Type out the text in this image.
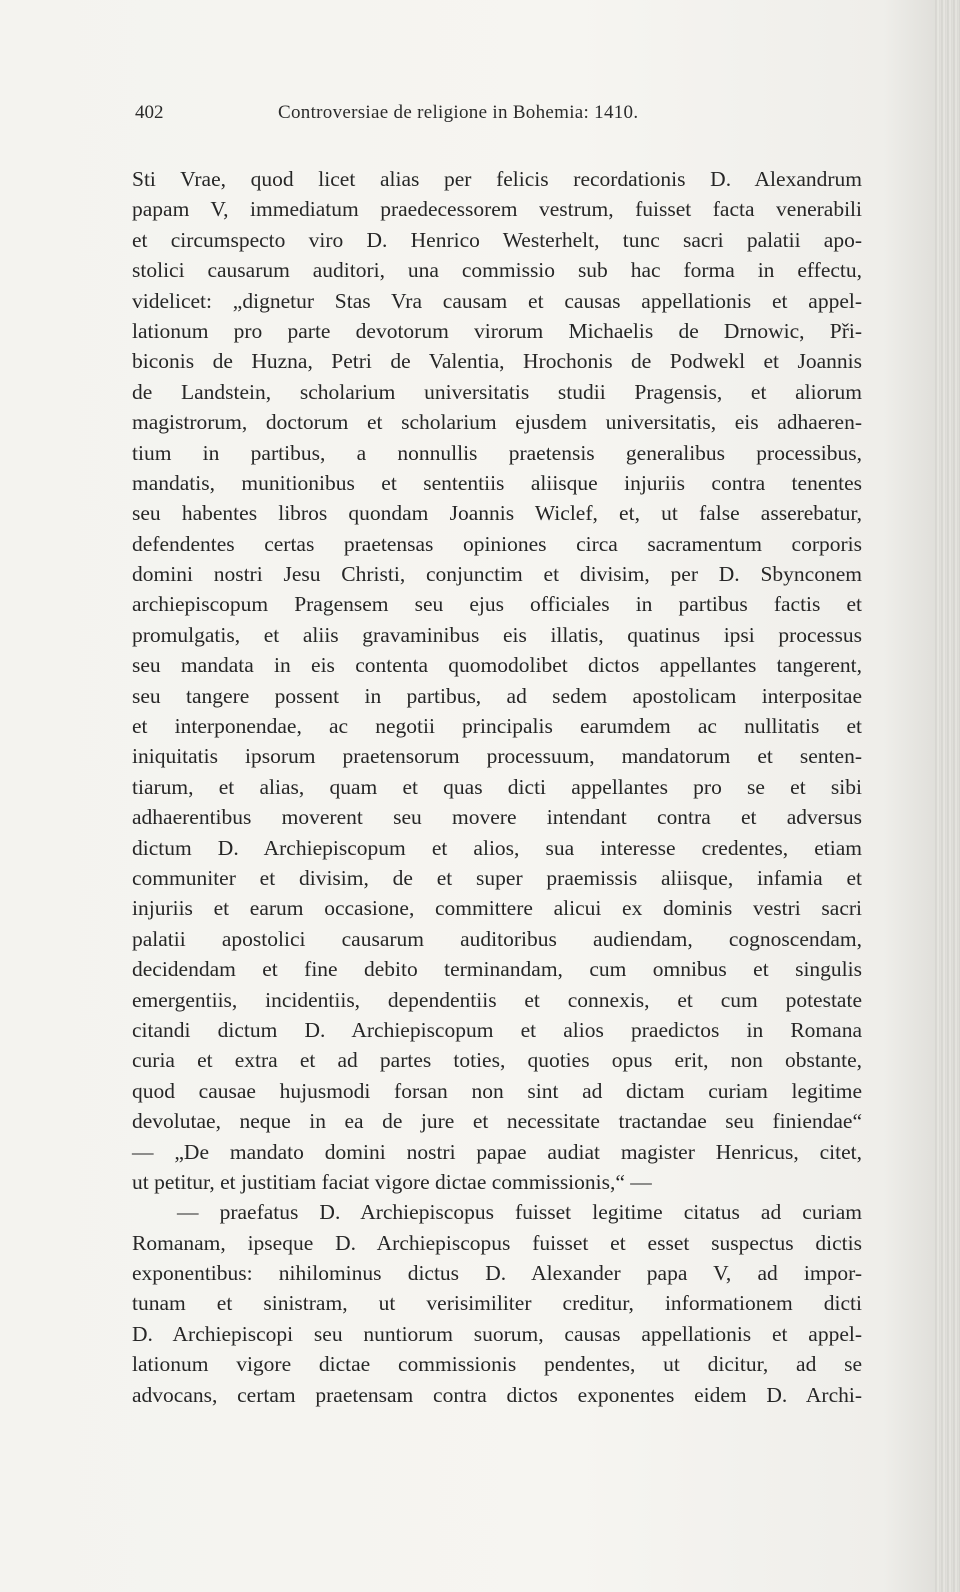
402	Controversiae de religione in Bohemia: 1410.
Sti Vrae, quod licet alias per felicis recordationis D. Alexandrum
papam V, immediatum praedecessorem vestrum, fuisset facta venerabili
et circumspecto viro D. Henrico Westerhelt, tunc sacri palatii apo-
stolici causarum auditori, una commissio sub hac forma in effectu,
videlicet: „dignetur Stas Vra causam et causas appellationis et appel-
lationum pro parte devotorum virorum Michaelis de Drnowic, Při-
biconis de Huzna, Petri de Valentia, Hrochonis de Podwekl et Joannis
de Landstein, scholarium universitatis studii Pragensis, et aliorum
magistrorum, doctorum et scholarium ejusdem universitatis, eis adhaeren-
tium in partibus, a nonnullis praetensis generalibus processibus,
mandatis, munitionibus et sententiis aliisque injuriis contra tenentes
seu habentes libros quondam Joannis Wiclef, et, ut false asserebatur,
defendentes certas praetensas opiniones circa sacramentum corporis
domini nostri Jesu Christi, conjunctim et divisim, per D. Sbynconem
archiepiscopum Pragensem seu ejus officiales in partibus factis et
promulgatis, et aliis gravaminibus eis illatis, quatinus ipsi processus
seu mandata in eis contenta quomodolibet dictos appellantes tangerent,
seu tangere possent in partibus, ad sedem apostolicam interpositae
et interponendae, ac negotii principalis earumdem ac nullitatis et
iniquitatis ipsorum praetensorum processuum, mandatorum et senten-
tiarum, et alias, quam et quas dicti appellantes pro se et sibi
adhaerentibus moverent seu movere intendant contra et adversus
dictum D. Archiepiscopum et alios, sua interesse credentes, etiam
communiter et divisim, de et super praemissis aliisque, infamia et
injuriis et earum occasione, committere alicui ex dominis vestri sacri
palatii apostolici causarum auditoribus audiendam, cognoscendam,
decidendam et fine debito terminandam, cum omnibus et singulis
emergentiis, incidentiis, dependentiis et connexis, et cum potestate
citandi dictum D. Archiepiscopum et alios praedictos in Romana
curia et extra et ad partes toties, quoties opus erit, non obstante,
quod causae hujusmodi forsan non sint ad dictam curiam legitime
devolutae, neque in ea de jure et necessitate tractandae seu finiendae“
— „De mandato domini nostri papae audiat magister Henricus, citet,
ut petitur, et justitiam faciat vigore dictae commissionis,“ —
— praefatus D. Archiepiscopus fuisset legitime citatus ad curiam
Romanam, ipseque D. Archiepiscopus fuisset et esset suspectus dictis
exponentibus: nihilominus dictus D. Alexander papa V, ad impor-
tunam et sinistram, ut verisimiliter creditur, informationem dicti
D. Archiepiscopi seu nuntiorum suorum, causas appellationis et appel-
lationum vigore dictae commissionis pendentes, ut dicitur, ad se
advocans, certam praetensam contra dictos exponentes eidem D. Archi-
